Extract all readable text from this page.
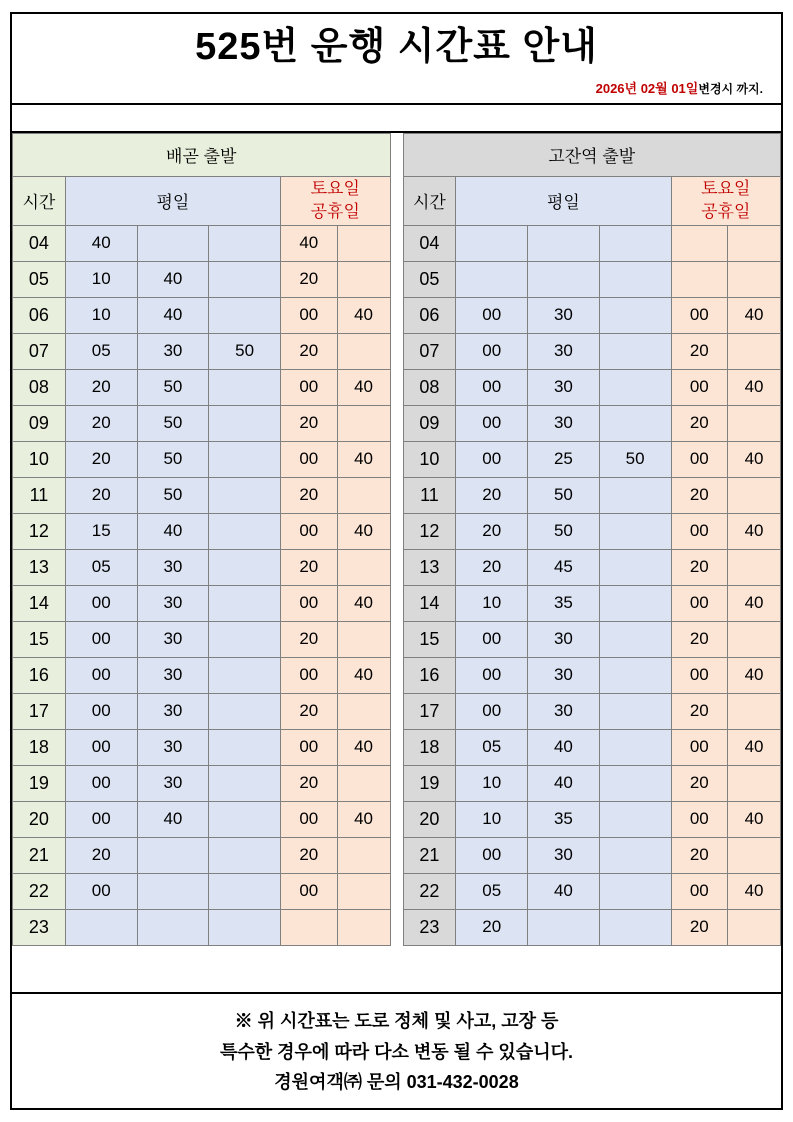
525번 운행 시간표 안내
2026년 02월 01일변경시 까지.
배곧 출발					
시간	평일			토요일
공휴일	

04	40			40	
05	10	40		20	
06	10	40		00	40
07	05	30	50	20	
08	20	50		00	40
09	20	50		20	
10	20	50		00	40
11	20	50		20	
12	15	40		00	40
13	05	30		20	
14	00	30		00	40
15	00	30		20	
16	00	30		00	40
17	00	30		20	
18	00	30		00	40
19	00	30		20	
20	00	40		00	40
21	20			20	
22	00			00	
23					
고잔역 출발					
시간	평일			토요일
공휴일	

04					
05					
06	00	30		00	40
07	00	30		20	
08	00	30		00	40
09	00	30		20	
10	00	25	50	00	40
11	20	50		20	
12	20	50		00	40
13	20	45		20	
14	10	35		00	40
15	00	30		20	
16	00	30		00	40
17	00	30		20	
18	05	40		00	40
19	10	40		20	
20	10	35		00	40
21	00	30		20	
22	05	40		00	40
23	20			20	
※ 위 시간표는 도로 정체 및 사고, 고장 등
특수한 경우에 따라 다소 변동 될 수 있습니다.
경원여객㈜ 문의 031-432-0028
